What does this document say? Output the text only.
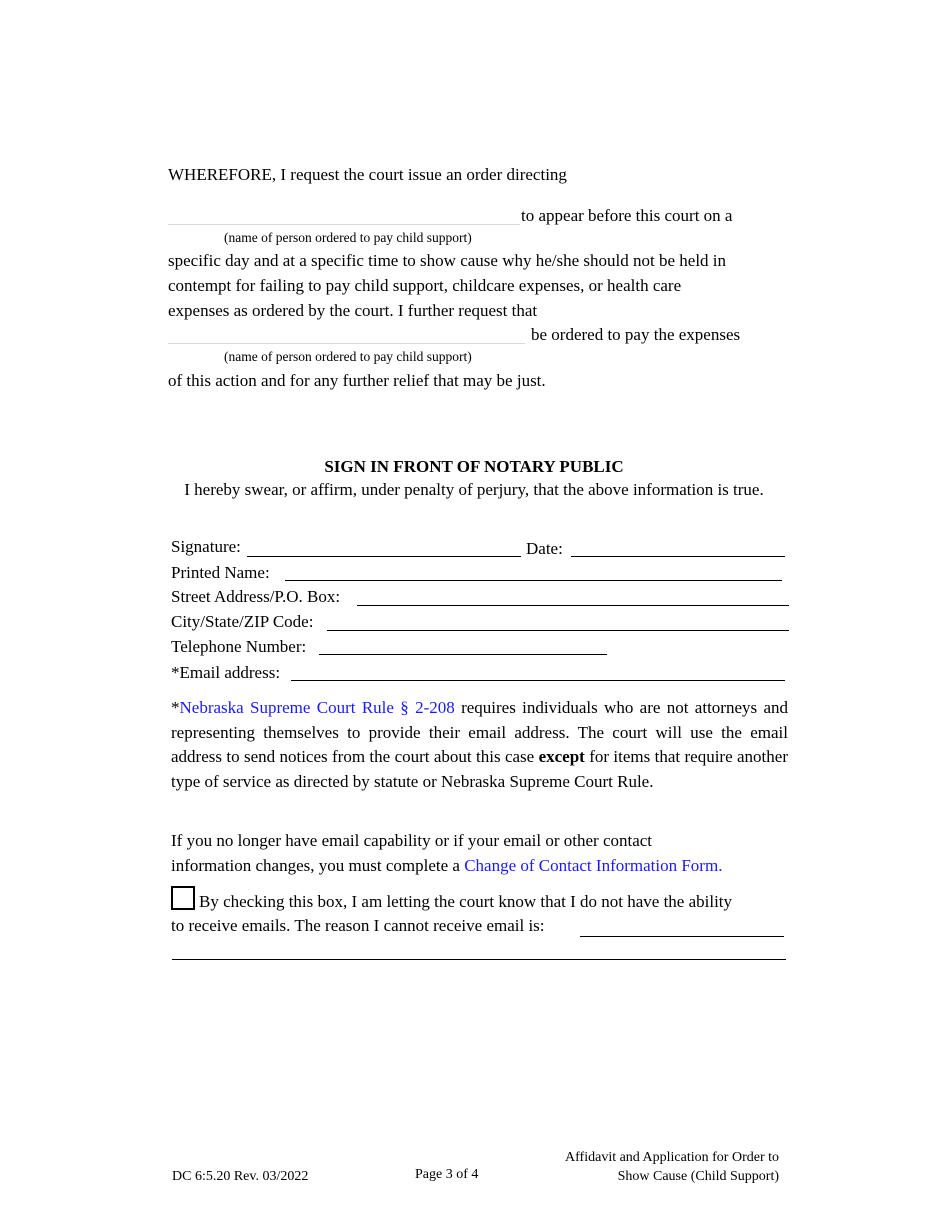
WHEREFORE, I request the court issue an order directing
to appear before this court on a
(name of person ordered to pay child support)
specific day and at a specific time to show cause why he/she should not be held in
contempt for failing to pay child support, childcare expenses, or health care
expenses as ordered by the court. I further request that
be ordered to pay the expenses
(name of person ordered to pay child support)
of this action and for any further relief that may be just.
SIGN IN FRONT OF NOTARY PUBLIC
I hereby swear, or affirm, under penalty of perjury, that the above information is true.
Signature:	Date:
Printed Name:
Street Address/P.O. Box:
City/State/ZIP Code:
Telephone Number:
*Email address:
*Nebraska Supreme Court Rule § 2-208 requires individuals who are not attorneys and representing themselves to provide their email address. The court will use the email address to send notices from the court about this case except for items that require another type of service as directed by statute or Nebraska Supreme Court Rule.
If you no longer have email capability or if your email or other contact information changes, you must complete a Change of Contact Information Form.
By checking this box, I am letting the court know that I do not have the ability
to receive emails. The reason I cannot receive email is:
DC 6:5.20 Rev. 03/2022	Page 3 of 4
Affidavit and Application for Order to
Show Cause (Child Support)
